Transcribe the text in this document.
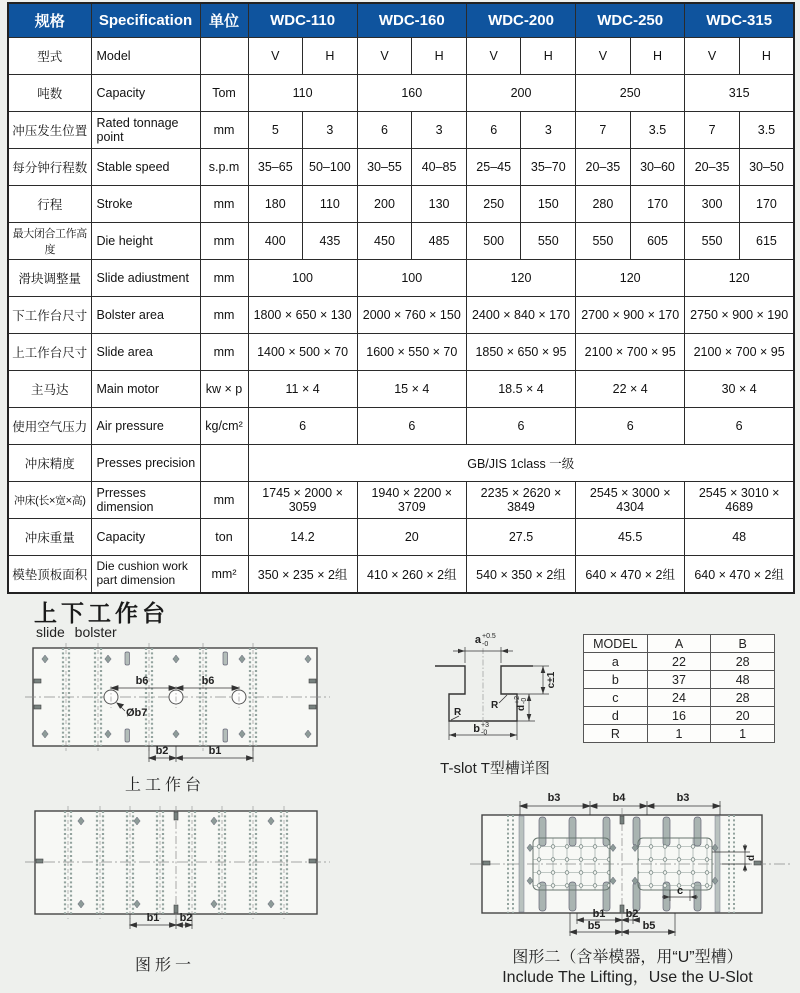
规格	Specification	单位	WDC-110		WDC-160		WDC-200		WDC-250		WDC-315	
型式	Model		V	H	V	H	V	H	V	H	V	H
吨数	Capacity	Tom	110		160		200		250		315	
冲压发生位置	Rated tonnage point	mm	5	3	6	3	6	3	7	3.5	7	3.5
每分钟行程数	Stable speed	s.p.m	35–65	50–100	30–55	40–85	25–45	35–70	20–35	30–60	20–35	30–50
行程	Stroke	mm	180	110	200	130	250	150	280	170	300	170
最大闭合工作高度	Die height	mm	400	435	450	485	500	550	550	605	550	615
滑块调整量	Slide adiustment	mm	100		100		120		120		120	
下工作台尺寸	Bolster area	mm	1800 × 650 × 130		2000 × 760 × 150		2400 × 840 × 170		2700 × 900 × 170		2750 × 900 × 190	
上工作台尺寸	Slide area	mm	1400 × 500 × 70		1600 × 550 × 70		1850 × 650 × 95		2100 × 700 × 95		2100 × 700 × 95	
主马达	Main motor	kw × p	11 × 4		15 × 4		18.5 × 4		22 × 4		30 × 4	
使用空气压力	Air pressure	kg/cm²	6		6		6		6		6	
冲床精度	Presses precision		GB/JIS 1class 一级									
冲床(长×宽×高)	Prresses dimension	mm	1745 × 2000 × 3059		1940 × 2200 × 3709		2235 × 2620 × 3849		2545 × 3000 × 4304		2545 × 3010 × 4689	
冲床重量	Capacity	ton	14.2		20		27.5		45.5		48	
模垫顶板面积	Die cushion work part dimension	mm²	350 × 235 × 2组		410 × 260 × 2组		540 × 350 × 2组		640 × 470 × 2组		640 × 470 × 2组	
上下工作台
slide bolster
b6	b6
Øb7
b2	b1
上工作台
a +0.5
-0
c±1
d
+2 -0
b +3
-0
R
R
T-slot T型槽详图
MODEL	A	B
a	22	28
b	37	48
c	24	28
d	16	20
R	1	1
b1 b2
图形一
b3	b4	b3
b1 b2
b5	b5
d
c
图形二（含举模器，用“U”型槽）
Include The Lifting，Use the U-Slot
